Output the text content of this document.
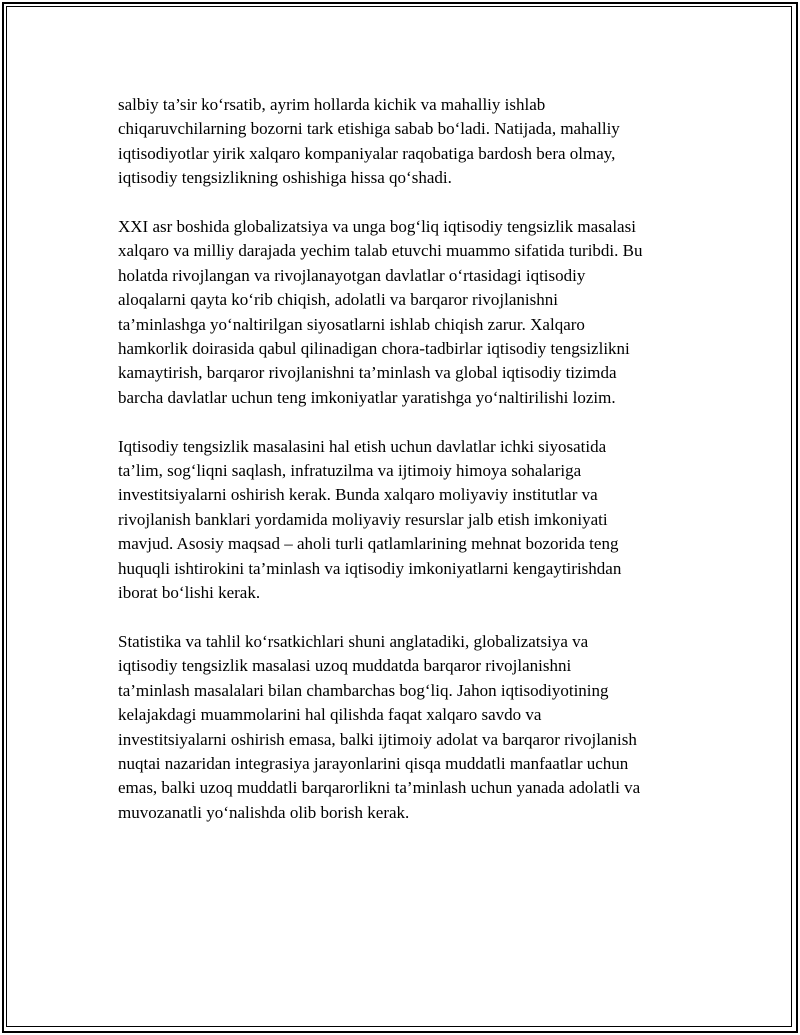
salbiy ta’sir ko‘rsatib, ayrim hollarda kichik va mahalliy ishlab
chiqaruvchilarning bozorni tark etishiga sabab bo‘ladi. Natijada, mahalliy
iqtisodiyotlar yirik xalqaro kompaniyalar raqobatiga bardosh bera olmay,
iqtisodiy tengsizlikning oshishiga hissa qo‘shadi.

XXI asr boshida globalizatsiya va unga bog‘liq iqtisodiy tengsizlik masalasi
xalqaro va milliy darajada yechim talab etuvchi muammo sifatida turibdi. Bu
holatda rivojlangan va rivojlanayotgan davlatlar o‘rtasidagi iqtisodiy
aloqalarni qayta ko‘rib chiqish, adolatli va barqaror rivojlanishni
ta’minlashga yo‘naltirilgan siyosatlarni ishlab chiqish zarur. Xalqaro
hamkorlik doirasida qabul qilinadigan chora-tadbirlar iqtisodiy tengsizlikni
kamaytirish, barqaror rivojlanishni ta’minlash va global iqtisodiy tizimda
barcha davlatlar uchun teng imkoniyatlar yaratishga yo‘naltirilishi lozim.

Iqtisodiy tengsizlik masalasini hal etish uchun davlatlar ichki siyosatida
ta’lim, sog‘liqni saqlash, infratuzilma va ijtimoiy himoya sohalariga
investitsiyalarni oshirish kerak. Bunda xalqaro moliyaviy institutlar va
rivojlanish banklari yordamida moliyaviy resurslar jalb etish imkoniyati
mavjud. Asosiy maqsad – aholi turli qatlamlarining mehnat bozorida teng
huquqli ishtirokini ta’minlash va iqtisodiy imkoniyatlarni kengaytirishdan
iborat bo‘lishi kerak.

Statistika va tahlil ko‘rsatkichlari shuni anglatadiki, globalizatsiya va
iqtisodiy tengsizlik masalasi uzoq muddatda barqaror rivojlanishni
ta’minlash masalalari bilan chambarchas bog‘liq. Jahon iqtisodiyotining
kelajakdagi muammolarini hal qilishda faqat xalqaro savdo va
investitsiyalarni oshirish emasa, balki ijtimoiy adolat va barqaror rivojlanish
nuqtai nazaridan integrasiya jarayonlarini qisqa muddatli manfaatlar uchun
emas, balki uzoq muddatli barqarorlikni ta’minlash uchun yanada adolatli va
muvozanatli yo‘nalishda olib borish kerak.
